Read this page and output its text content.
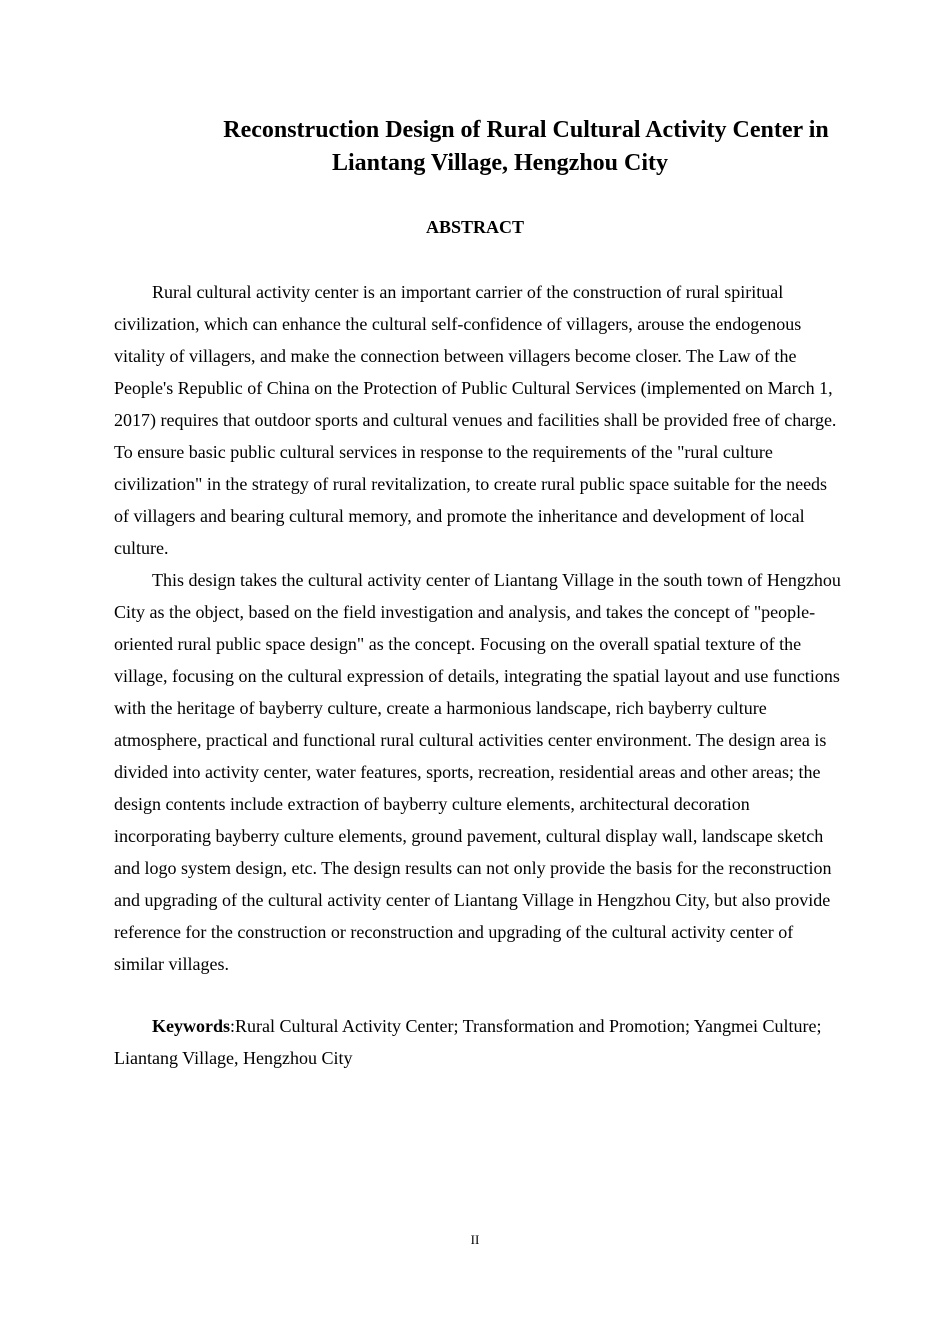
Reconstruction Design of Rural Cultural Activity Center in
Liantang Village, Hengzhou City
ABSTRACT

Rural cultural activity center is an important carrier of the construction of rural spiritual civilization, which can enhance the cultural self-confidence of villagers, arouse the endogenous vitality of villagers, and make the connection between villagers become closer. The Law of the People's Republic of China on the Protection of Public Cultural Services (implemented on March 1, 2017) requires that outdoor sports and cultural venues and facilities shall be provided free of charge. To ensure basic public cultural services in response to the requirements of the "rural culture civilization" in the strategy of rural revitalization, to create rural public space suitable for the needs of villagers and bearing cultural memory, and promote the inheritance and development of local culture.

This design takes the cultural activity center of Liantang Village in the south town of Hengzhou City as the object, based on the field investigation and analysis, and takes the concept of "people-oriented rural public space design" as the concept. Focusing on the overall spatial texture of the village, focusing on the cultural expression of details, integrating the spatial layout and use functions with the heritage of bayberry culture, create a harmonious landscape, rich bayberry culture atmosphere, practical and functional rural cultural activities center environment. The design area is divided into activity center, water features, sports, recreation, residential areas and other areas; the design contents include extraction of bayberry culture elements, architectural decoration incorporating bayberry culture elements, ground pavement, cultural display wall, landscape sketch and logo system design, etc. The design results can not only provide the basis for the reconstruction and upgrading of the cultural activity center of Liantang Village in Hengzhou City, but also provide reference for the construction or reconstruction and upgrading of the cultural activity center of similar villages.

Keywords:Rural Cultural Activity Center; Transformation and Promotion; Yangmei Culture; Liantang Village, Hengzhou City

II
